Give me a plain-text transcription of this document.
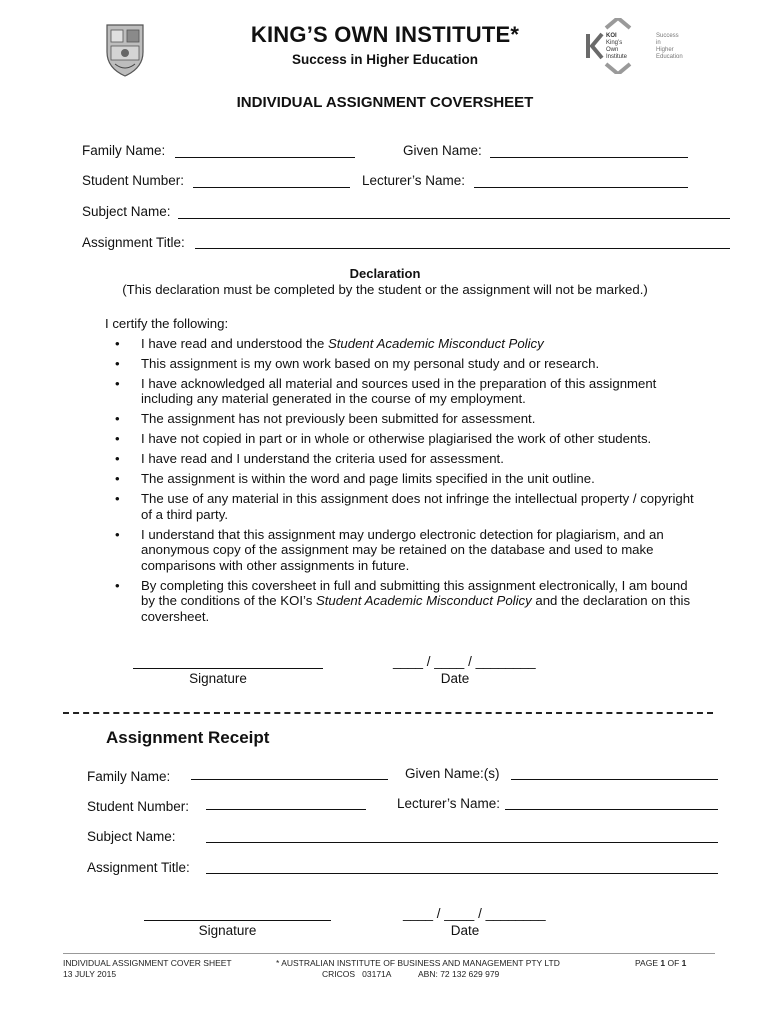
KING’S OWN INSTITUTE*
Success in Higher Education
KOI
King’s
Own
Institute
Success
in
Higher
Education
INDIVIDUAL ASSIGNMENT COVERSHEET
Family Name:	Given Name:
Student Number:	Lecturer’s Name:
Subject Name:
Assignment Title:
Declaration
(This declaration must be completed by the student or the assignment will not be marked.)

I certify the following:

• I have read and understood the Student Academic Misconduct Policy
• This assignment is my own work based on my personal study and or research.
• I have acknowledged all material and sources used in the preparation of this assignment including any material generated in the course of my employment.
• The assignment has not previously been submitted for assessment.
• I have not copied in part or in whole or otherwise plagiarised the work of other students.
• I have read and I understand the criteria used for assessment.
• The assignment is within the word and page limits specified in the unit outline.
• The use of any material in this assignment does not infringe the intellectual property / copyright of a third party.
• I understand that this assignment may undergo electronic detection for plagiarism, and an anonymous copy of the assignment may be retained on the database and used to make comparisons with other assignments in future.
• By completing this coversheet in full and submitting this assignment electronically, I am bound by the conditions of the KOI’s Student Academic Misconduct Policy and the declaration on this coversheet.
Signature
____ / ____ / ________
Date
Assignment Receipt
Family Name:	Given Name:(s)
Student Number:	Lecturer’s Name:
Subject Name:
Assignment Title:
Signature
____ / ____ / ________
Date
INDIVIDUAL ASSIGNMENT COVER SHEET
13 JULY 2015
* AUSTRALIAN INSTITUTE OF BUSINESS AND MANAGEMENT PTY LTD
CRICOS   03171A	ABN: 72 132 629 979
PAGE 1 OF 1
